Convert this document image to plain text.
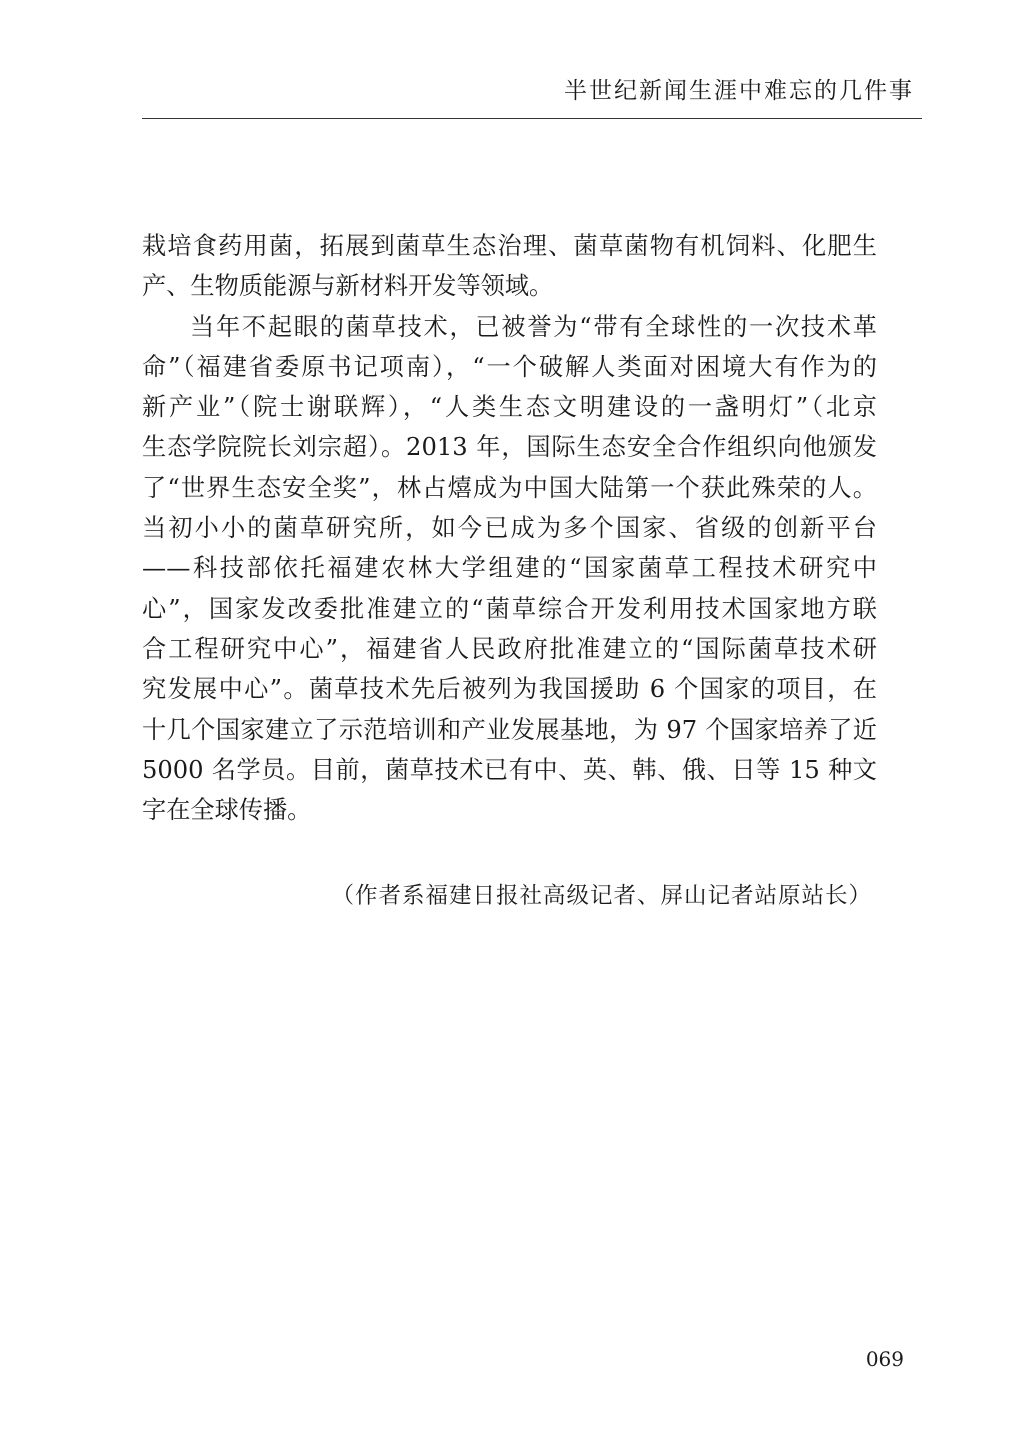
半世纪新闻生涯中难忘的几件事

栽培食药用菌，拓展到菌草生态治理、菌草菌物有机饲料、化肥生
产、生物质能源与新材料开发等领域。

当年不起眼的菌草技术，已被誉为“带有全球性的一次技术革
命”（福建省委原书记项南），“一个破解人类面对困境大有作为的
新产业”（院士谢联辉），“人类生态文明建设的一盏明灯”（北京
生态学院院长刘宗超）。2013 年，国际生态安全合作组织向他颁发
了“世界生态安全奖”，林占熺成为中国大陆第一个获此殊荣的人。
当初小小的菌草研究所，如今已成为多个国家、省级的创新平台
——科技部依托福建农林大学组建的“国家菌草工程技术研究中
心”，国家发改委批准建立的“菌草综合开发利用技术国家地方联
合工程研究中心”，福建省人民政府批准建立的“国际菌草技术研
究发展中心”。菌草技术先后被列为我国援助 6 个国家的项目，在
十几个国家建立了示范培训和产业发展基地，为 97 个国家培养了近
5000 名学员。目前，菌草技术已有中、英、韩、俄、日等 15 种文
字在全球传播。

（作者系福建日报社高级记者、屏山记者站原站长）
069
